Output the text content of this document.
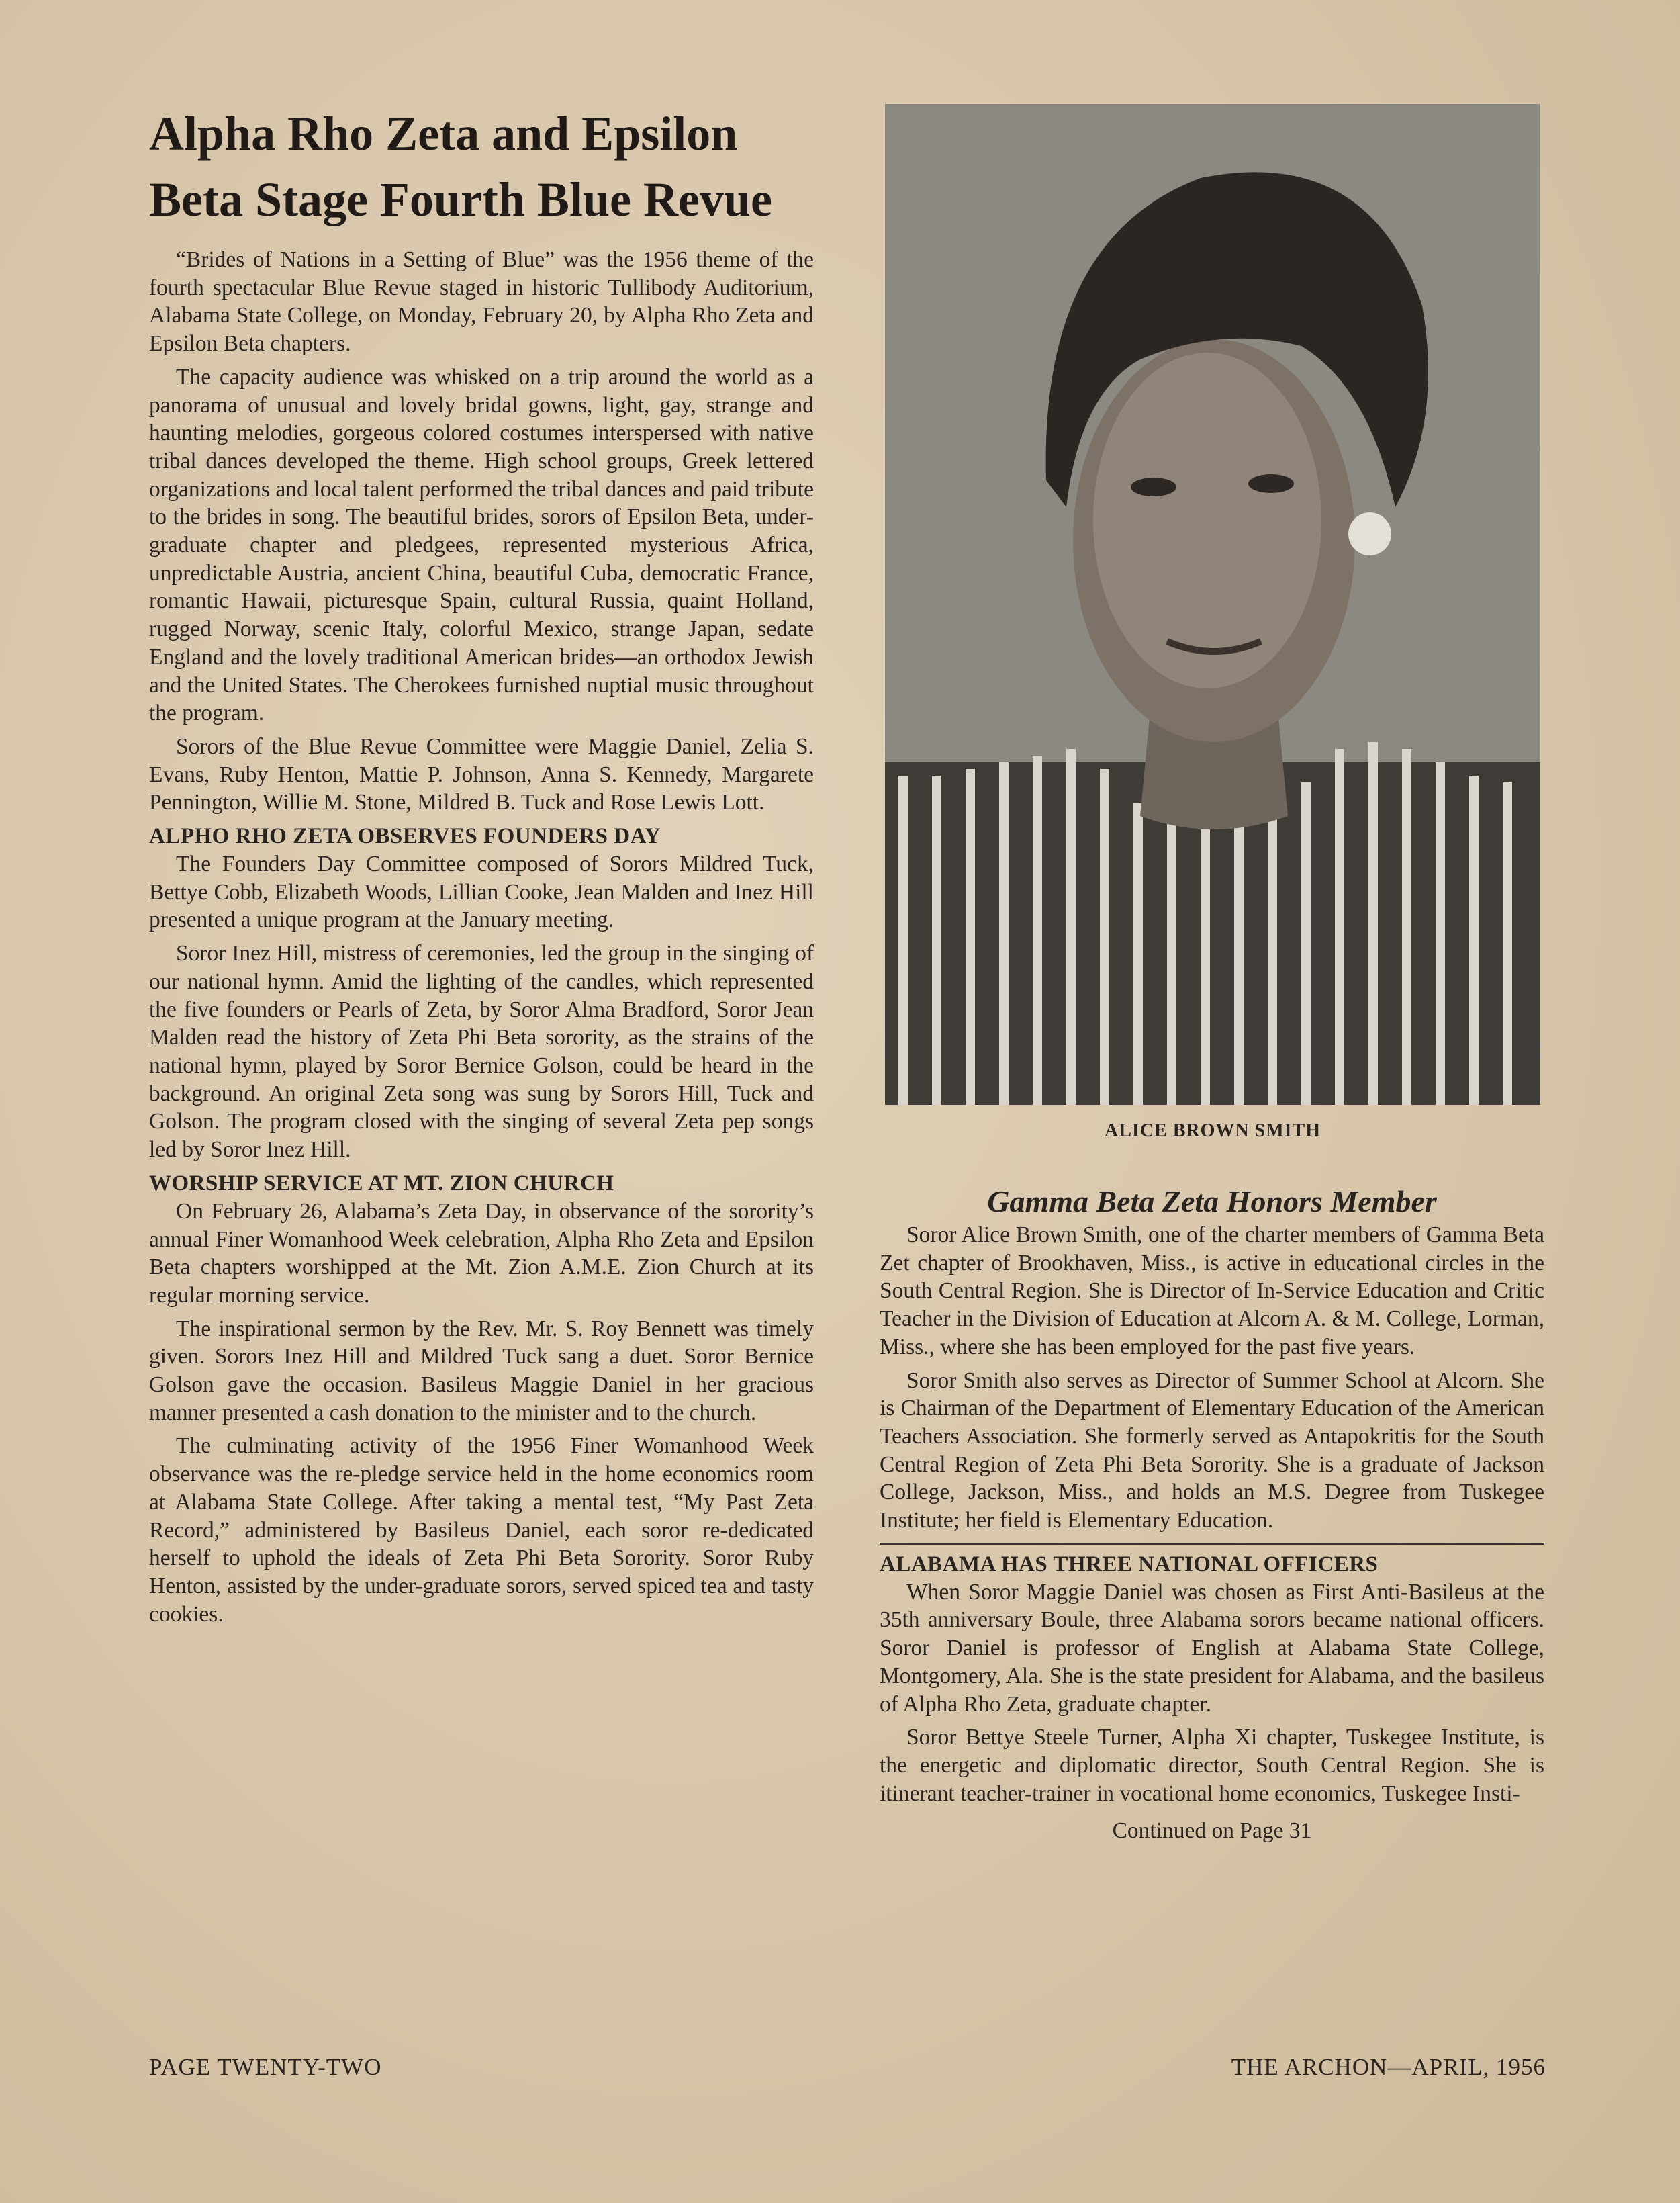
Alpha Rho Zeta and Epsilon
Beta Stage Fourth Blue Revue

“Brides of Nations in a Setting of Blue” was the 1956 theme of the fourth spectacular Blue Revue staged in historic Tullibody Auditorium, Alabama State College, on Monday, February 20, by Alpha Rho Zeta and Epsilon Beta chapters.

The capacity audience was whisked on a trip around the world as a panorama of unusual and lovely bridal gowns, light, gay, strange and haunting melodies, gorgeous colored costumes interspersed with native tribal dances developed the theme. High school groups, Greek lettered organizations and local talent performed the tribal dances and paid tribute to the brides in song. The beautiful brides, sorors of Epsilon Beta, under-graduate chapter and pledgees, represented mysterious Africa, unpredictable Austria, ancient China, beautiful Cuba, democratic France, romantic Hawaii, picturesque Spain, cultural Russia, quaint Holland, rugged Norway, scenic Italy, colorful Mexico, strange Japan, sedate England and the lovely traditional American brides—an orthodox Jewish and the United States. The Cherokees furnished nuptial music throughout the program.

Sorors of the Blue Revue Committee were Maggie Daniel, Zelia S. Evans, Ruby Henton, Mattie P. Johnson, Anna S. Kennedy, Margarete Pennington, Willie M. Stone, Mildred B. Tuck and Rose Lewis Lott.

ALPHO RHO ZETA OBSERVES FOUNDERS DAY

The Founders Day Committee composed of Sorors Mildred Tuck, Bettye Cobb, Elizabeth Woods, Lillian Cooke, Jean Malden and Inez Hill presented a unique program at the January meeting.

Soror Inez Hill, mistress of ceremonies, led the group in the singing of our national hymn. Amid the lighting of the candles, which represented the five founders or Pearls of Zeta, by Soror Alma Bradford, Soror Jean Malden read the history of Zeta Phi Beta sorority, as the strains of the national hymn, played by Soror Bernice Golson, could be heard in the background. An original Zeta song was sung by Sorors Hill, Tuck and Golson. The program closed with the singing of several Zeta pep songs led by Soror Inez Hill.

WORSHIP SERVICE AT MT. ZION CHURCH

On February 26, Alabama’s Zeta Day, in observance of the sorority’s annual Finer Womanhood Week celebration, Alpha Rho Zeta and Epsilon Beta chapters worshipped at the Mt. Zion A.M.E. Zion Church at its regular morning service.

The inspirational sermon by the Rev. Mr. S. Roy Bennett was timely given. Sorors Inez Hill and Mildred Tuck sang a duet. Soror Bernice Golson gave the occasion. Basileus Maggie Daniel in her gracious manner presented a cash donation to the minister and to the church.

The culminating activity of the 1956 Finer Womanhood Week observance was the re-pledge service held in the home economics room at Alabama State College. After taking a mental test, “My Past Zeta Record,” administered by Basileus Daniel, each soror re-dedicated herself to uphold the ideals of Zeta Phi Beta Sorority. Soror Ruby Henton, assisted by the under-graduate sorors, served spiced tea and tasty cookies.

ALICE BROWN SMITH
Gamma Beta Zeta Honors Member

Soror Alice Brown Smith, one of the charter members of Gamma Beta Zet chapter of Brookhaven, Miss., is active in educational circles in the South Central Region. She is Director of In-Service Education and Critic Teacher in the Division of Education at Alcorn A. & M. College, Lorman, Miss., where she has been employed for the past five years.

Soror Smith also serves as Director of Summer School at Alcorn. She is Chairman of the Department of Elementary Education of the American Teachers Association. She formerly served as Antapokritis for the South Central Region of Zeta Phi Beta Sorority. She is a graduate of Jackson College, Jackson, Miss., and holds an M.S. Degree from Tuskegee Institute; her field is Elementary Education.

ALABAMA HAS THREE NATIONAL OFFICERS

When Soror Maggie Daniel was chosen as First Anti-Basileus at the 35th anniversary Boule, three Alabama sorors became national officers. Soror Daniel is professor of English at Alabama State College, Montgomery, Ala. She is the state president for Alabama, and the basileus of Alpha Rho Zeta, graduate chapter.

Soror Bettye Steele Turner, Alpha Xi chapter, Tuskegee Institute, is the energetic and diplomatic director, South Central Region. She is itinerant teacher-trainer in vocational home economics, Tuskegee Insti-

Continued on Page 31
PAGE TWENTY-TWO	THE ARCHON—APRIL, 1956
